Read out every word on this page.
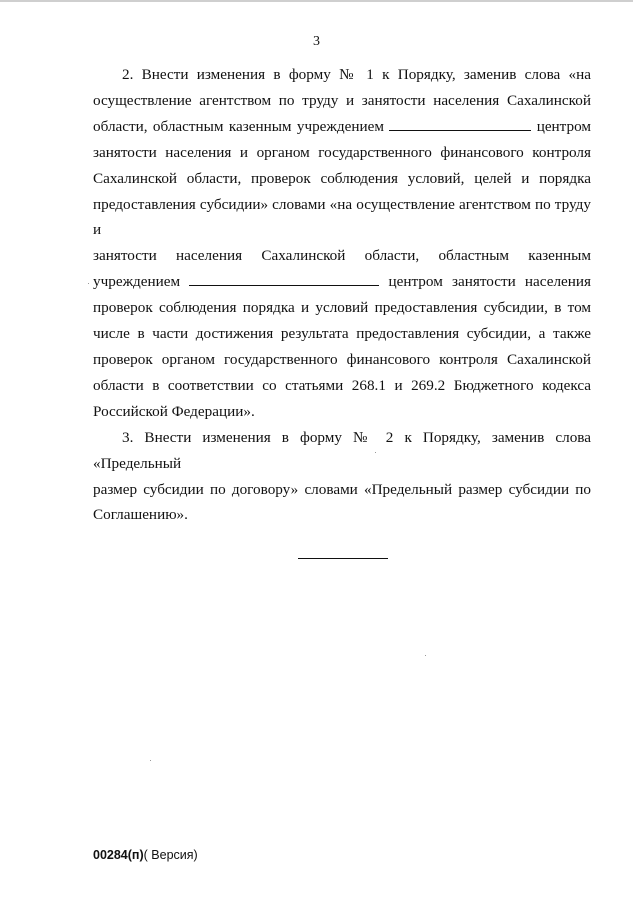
3

2. Внести изменения в форму № 1 к Порядку, заменив слова «на
осуществление агентством по труду и занятости населения Сахалинской
области, областным казенным учреждением	центром
занятости населения и органом государственного финансового контроля
Сахалинской области, проверок соблюдения условий, целей и порядка
предоставления субсидии» словами «на осуществление агентством по труду и
занятости населения Сахалинской области, областным казенным
учреждением	центром занятости населения
проверок соблюдения порядка и условий предоставления субсидии, в том
числе в части достижения результата предоставления субсидии, а также
проверок органом государственного финансового контроля Сахалинской
области в соответствии со статьями 268.1 и 269.2 Бюджетного кодекса
Российской Федерации».

3. Внести изменения в форму № 2 к Порядку, заменив слова «Предельный
размер субсидии по договору» словами «Предельный размер субсидии по
Соглашению».

00284(п)( Версия)
